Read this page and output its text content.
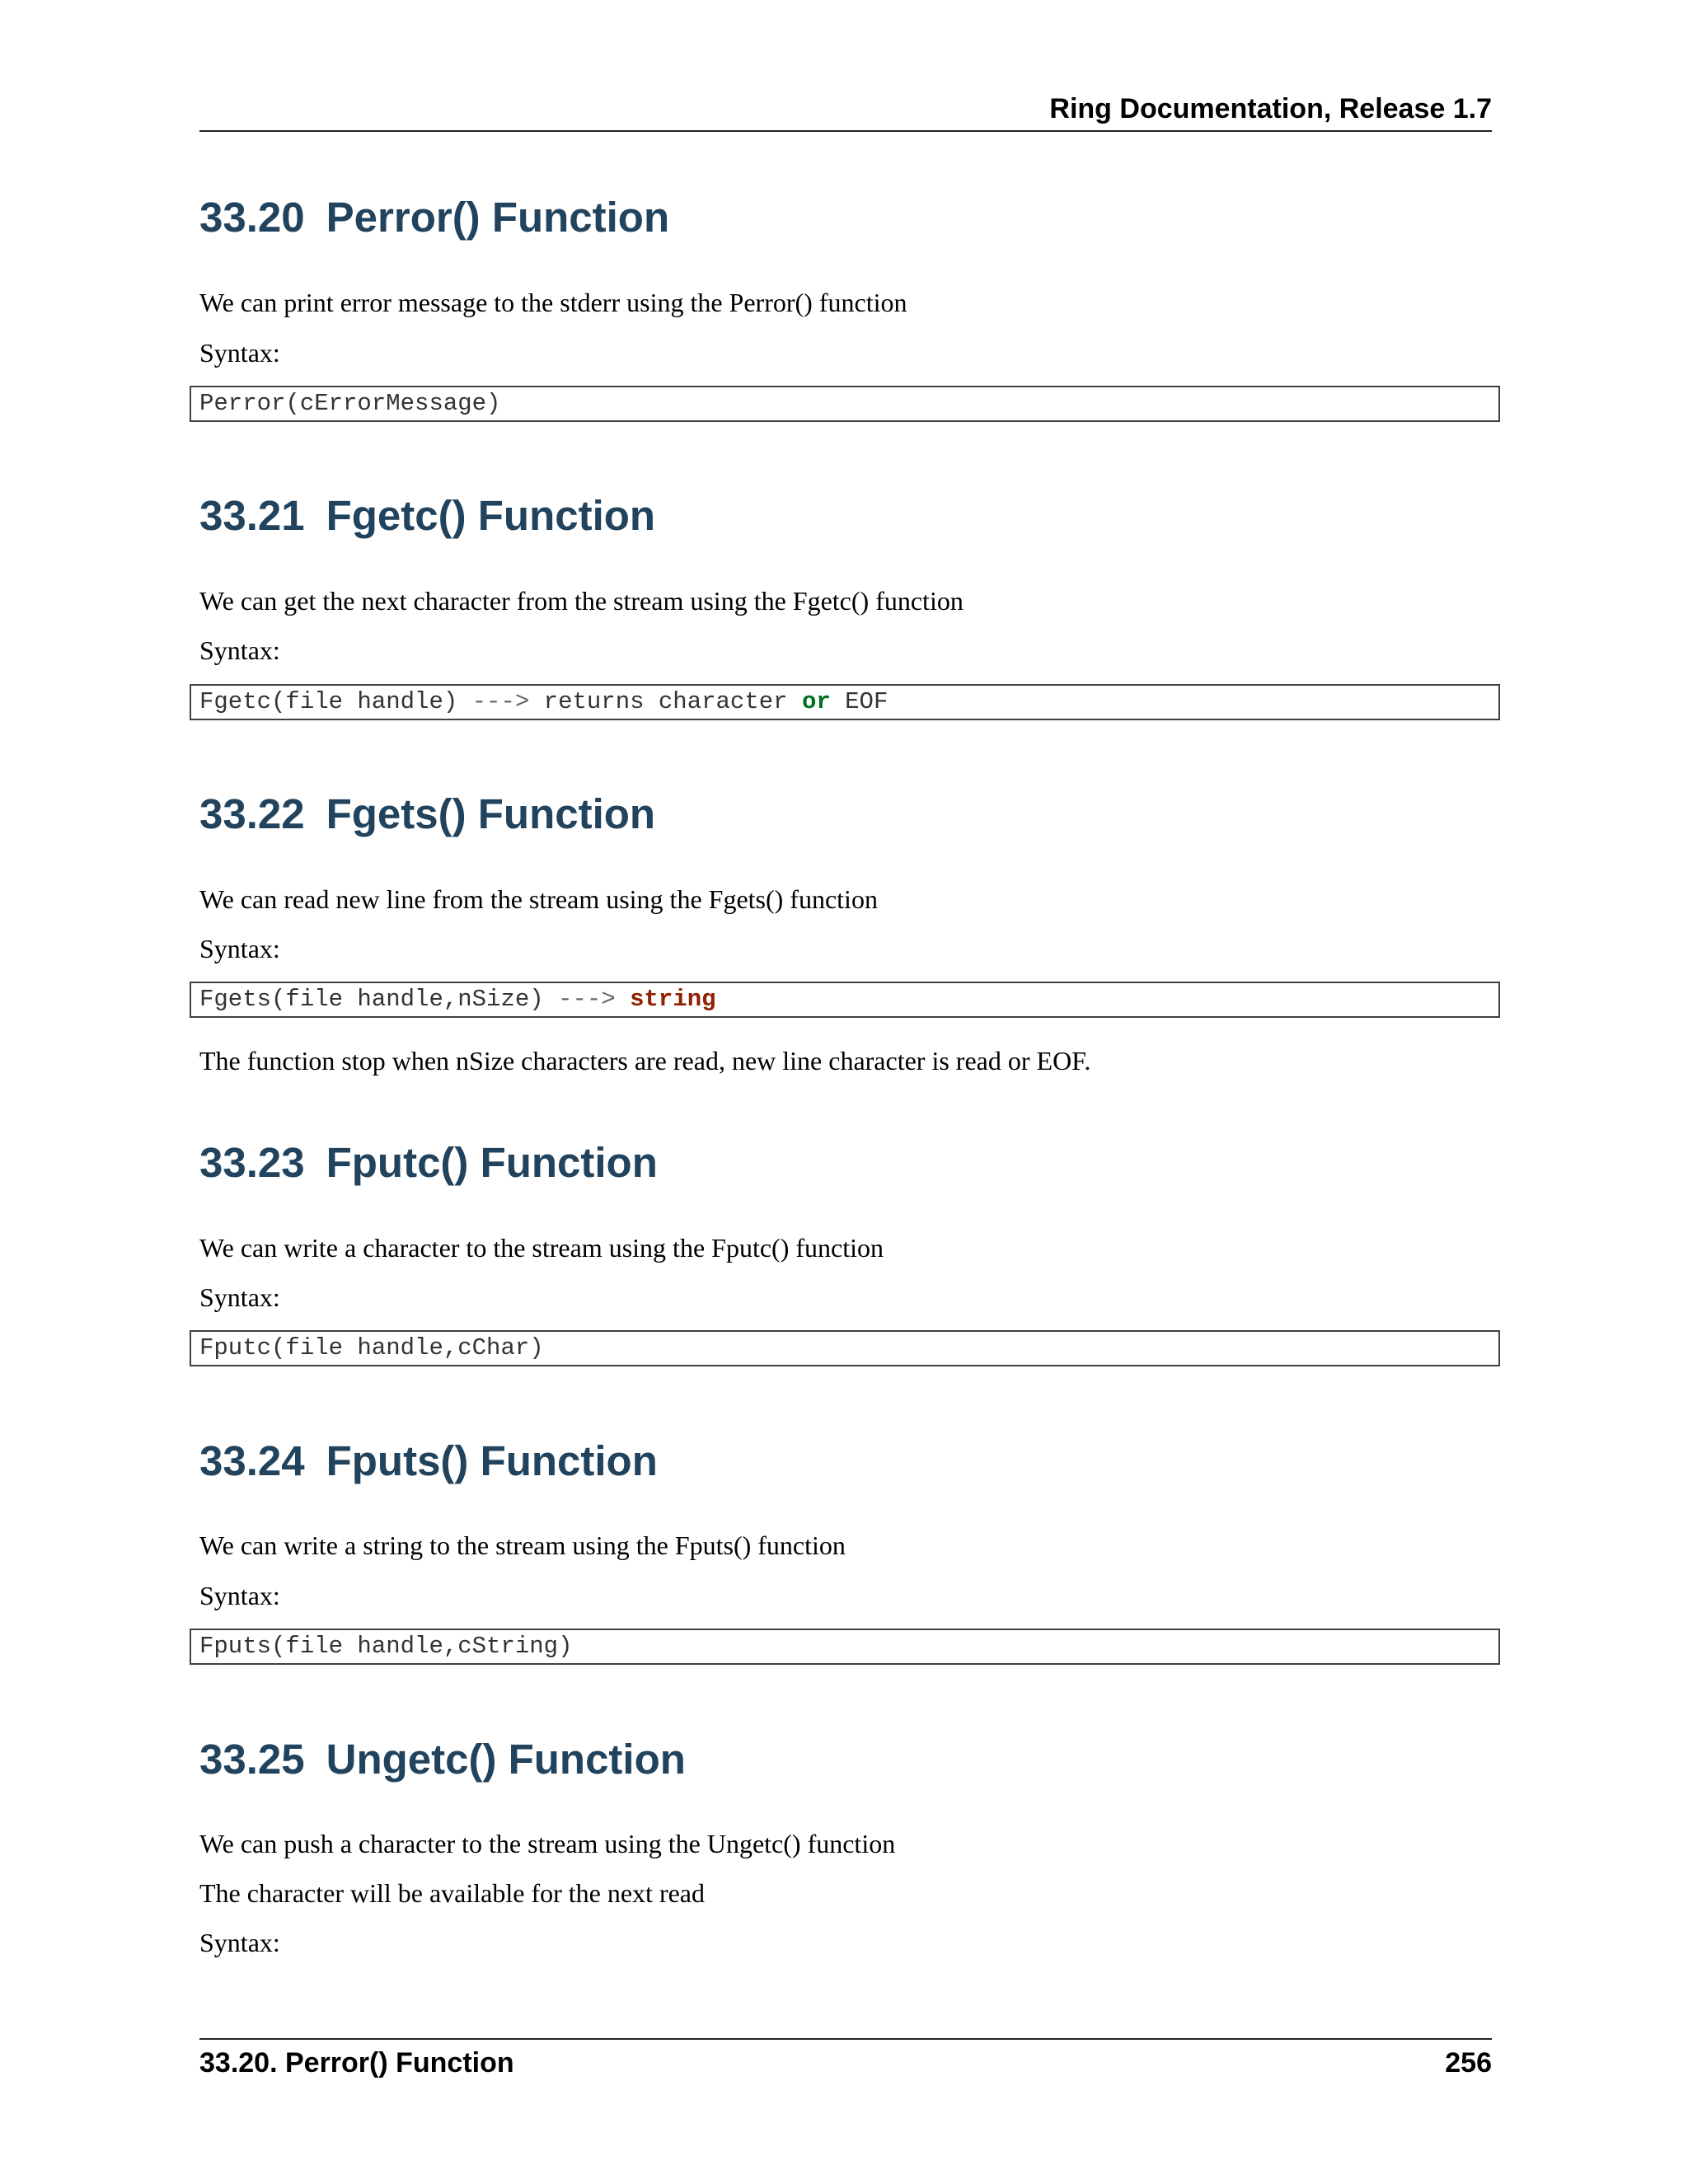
Ring Documentation, Release 1.7
33.20 Perror() Function
We can print error message to the stderr using the Perror() function
Syntax:
Perror(cErrorMessage)
33.21 Fgetc() Function
We can get the next character from the stream using the Fgetc() function
Syntax:
Fgetc(file handle) ---> returns character or EOF
33.22 Fgets() Function
We can read new line from the stream using the Fgets() function
Syntax:
Fgets(file handle,nSize) ---> string
The function stop when nSize characters are read, new line character is read or EOF.
33.23 Fputc() Function
We can write a character to the stream using the Fputc() function
Syntax:
Fputc(file handle,cChar)
33.24 Fputs() Function
We can write a string to the stream using the Fputs() function
Syntax:
Fputs(file handle,cString)
33.25 Ungetc() Function
We can push a character to the stream using the Ungetc() function
The character will be available for the next read
Syntax:
33.20. Perror() Function	256
